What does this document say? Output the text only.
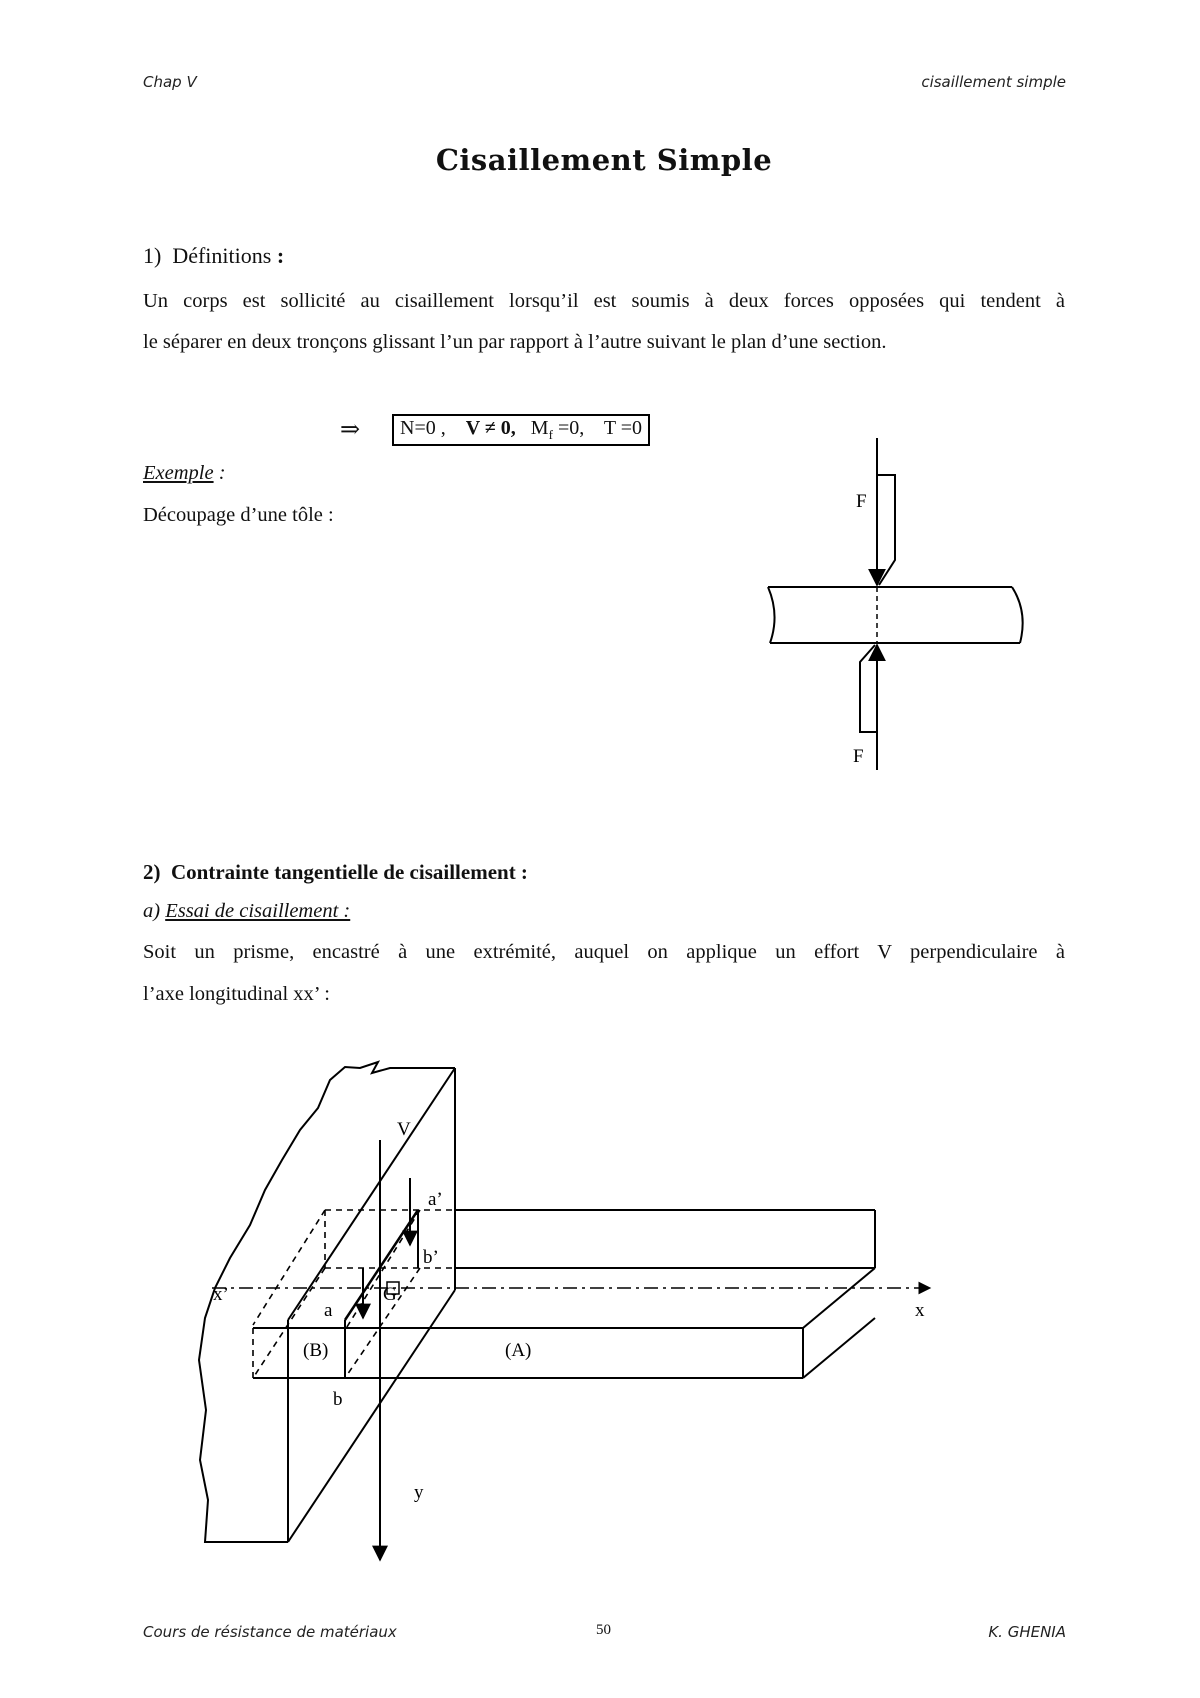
Chap V	cisaillement simple
Cisaillement Simple
1) Définitions :
Un corps est sollicité au cisaillement lorsqu’il est soumis à deux forces opposées qui tendent à
le séparer en deux tronçons glissant l’un par rapport à l’autre suivant le plan d’une section.
⇒	N=0 , V ≠ 0, $M_f =0$, T =0
Exemple :
Découpage d’une tôle :
F
F
2) Contrainte tangentielle de cisaillement :
a) Essai de cisaillement :
Soit un prisme, encastré à une extrémité, auquel on applique un effort V perpendiculaire à
l’axe longitudinal xx’ :
V
a’
b’
x’
a
G
x
(B)	(A)
b
y
Cours de résistance de matériaux	50	K. GHENIA
